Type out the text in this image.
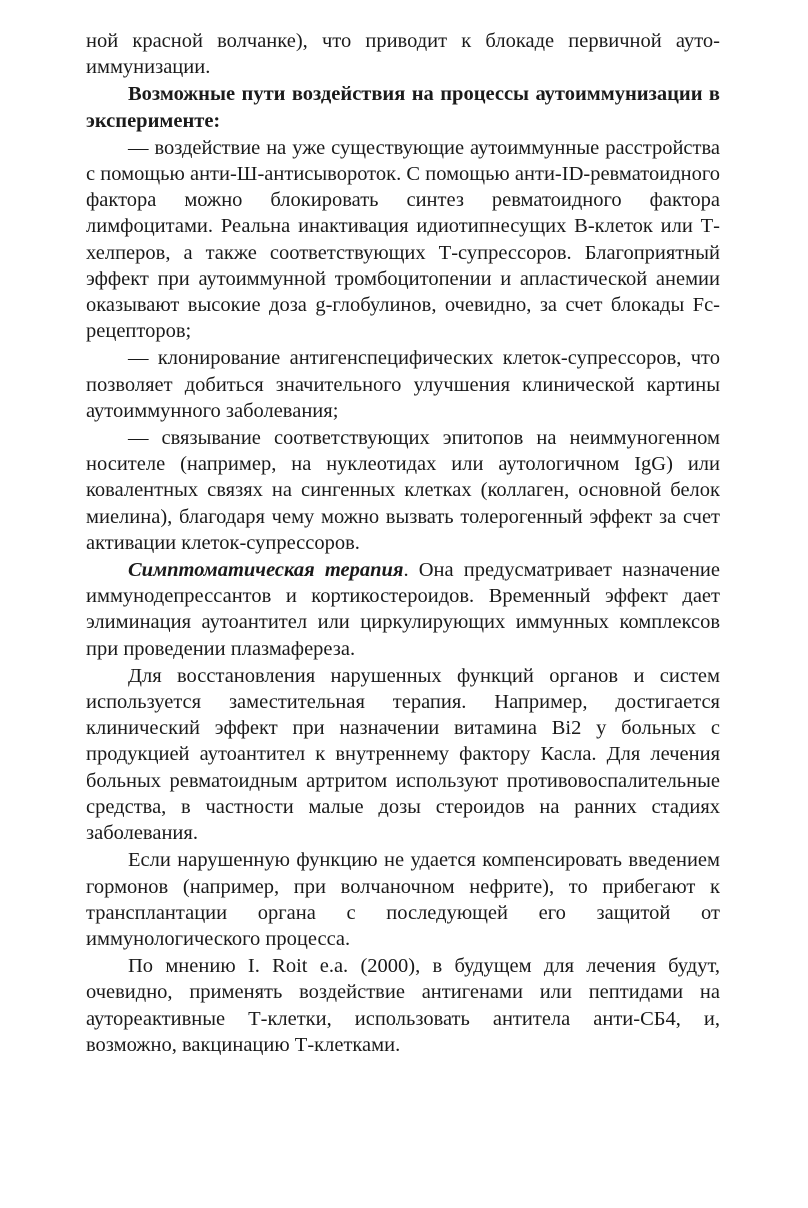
ной красной волчанке), что приводит к блокаде первичной ауто-иммунизации.

Возможные пути воздействия на процессы аутоиммунизации в эксперименте:

— воздействие на уже существующие аутоиммунные расстройства с помощью анти-Ш-антисывороток. С помощью анти-ID-ревматоидного фактора можно блокировать синтез ревматоидного фактора лимфоцитами. Реальна инактивация идиотипнесущих В-клеток или Т-хелперов, а также соответствующих Т-супрессоров. Благоприятный эффект при аутоиммунной тромбоцитопении и апластической анемии оказывают высокие доза g-глобулинов, очевидно, за счет блокады Fc-рецепторов;

— клонирование антигенспецифических клеток-супрессоров, что позволяет добиться значительного улучшения клинической картины аутоиммунного заболевания;

— связывание соответствующих эпитопов на неиммуногенном носителе (например, на нуклеотидах или аутологичном IgG) или ковалентных связях на сингенных клетках (коллаген, основной белок миелина), благодаря чему можно вызвать толерогенный эффект за счет активации клеток-супрессоров.

Симптоматическая терапия. Она предусматривает назначение иммунодепрессантов и кортикостероидов. Временный эффект дает элиминация аутоантител или циркулирующих иммунных комплексов при проведении плазмафереза.

Для восстановления нарушенных функций органов и систем используется заместительная терапия. Например, достигается клинический эффект при назначении витамина Bi2 у больных с продукцией аутоантител к внутреннему фактору Касла. Для лечения больных ревматоидным артритом используют противовоспалительные средства, в частности малые дозы стероидов на ранних стадиях заболевания.

Если нарушенную функцию не удается компенсировать введением гормонов (например, при волчаночном нефрите), то прибегают к трансплантации органа с последующей его защитой от иммунологического процесса.

По мнению I. Roit e.a. (2000), в будущем для лечения будут, очевидно, применять воздействие антигенами или пептидами на аутореактивные Т-клетки, использовать антитела анти-СБ4, и, возможно, вакцинацию Т-клетками.
